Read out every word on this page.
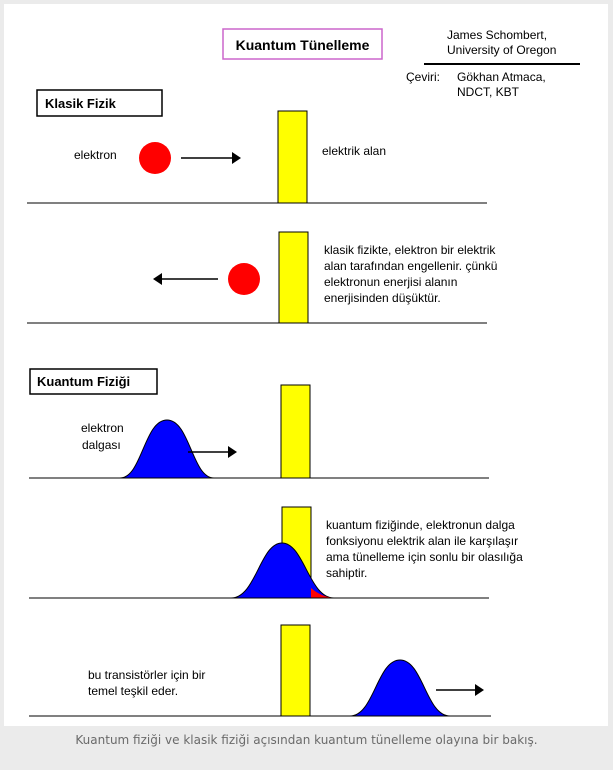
Kuantum Tünelleme
James Schombert,
University of Oregon
Çeviri: Gökhan Atmaca,
NDCT, KBT
Klasik Fizik
elektron	elektrik alan
klasik fizikte, elektron bir elektrik
alan tarafından engellenir. çünkü
elektronun enerjisi alanın
enerjisinden düşüktür.
Kuantum Fiziği
elektron
dalgası
kuantum fiziğinde, elektronun dalga
fonksiyonu elektrik alan ile karşılaşır
ama tünelleme için sonlu bir olasılığa
sahiptir.
bu transistörler için bir
temel teşkil eder.
Kuantum fiziği ve klasik fiziği açısından kuantum tünelleme olayına bir bakış.
